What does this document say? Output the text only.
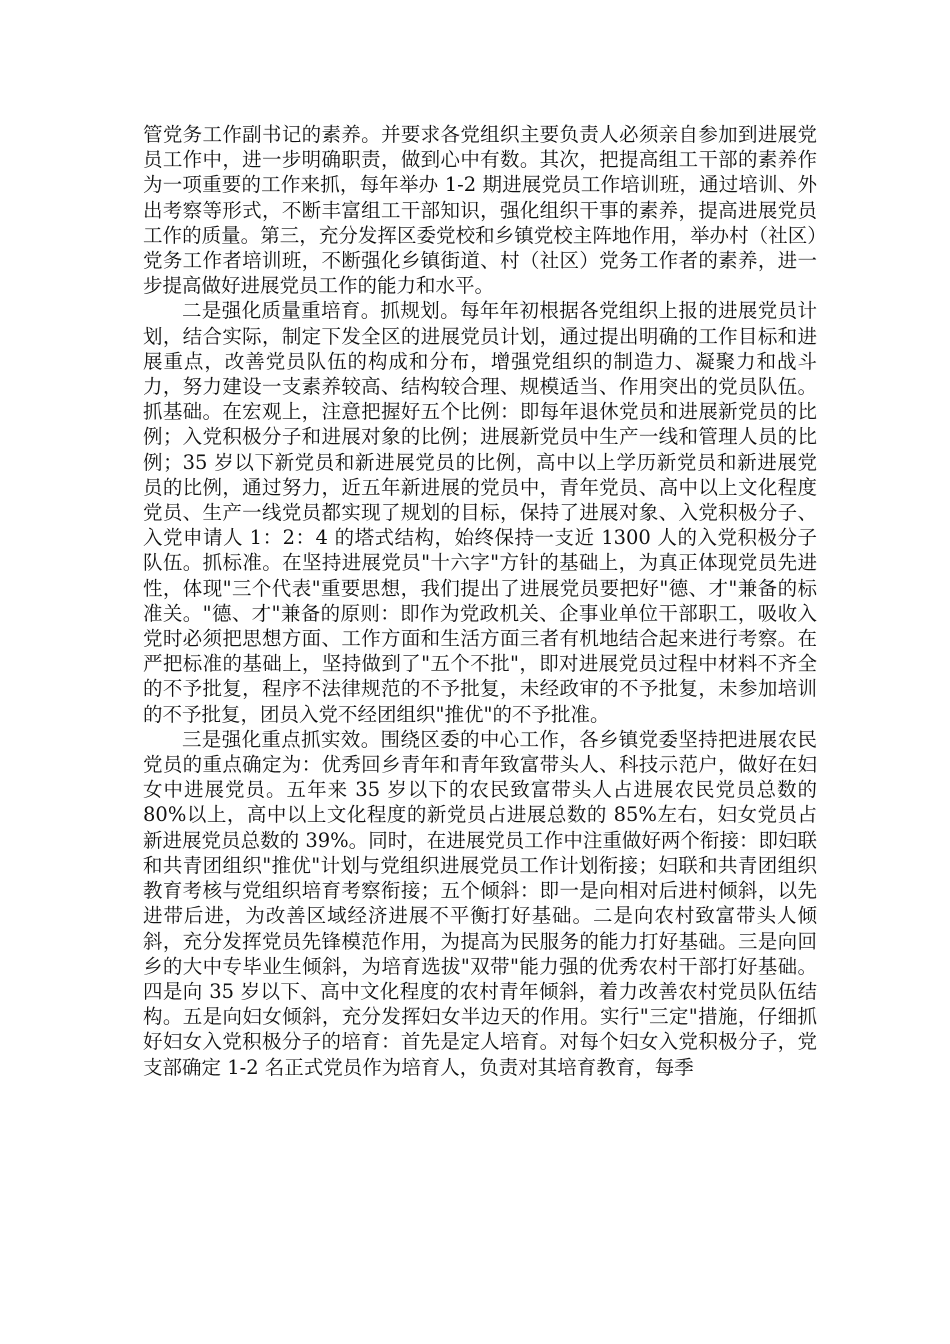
管党务工作副书记的素养。并要求各党组织主要负责人必须亲自参加到进展党员工作中，进一步明确职责，做到心中有数。其次，把提高组工干部的素养作为一项重要的工作来抓，每年举办 1-2 期进展党员工作培训班，通过培训、外出考察等形式，不断丰富组工干部知识，强化组织干事的素养，提高进展党员工作的质量。第三，充分发挥区委党校和乡镇党校主阵地作用，举办村（社区）党务工作者培训班，不断强化乡镇街道、村（社区）党务工作者的素养，进一步提高做好进展党员工作的能力和水平。

二是强化质量重培育。抓规划。每年年初根据各党组织上报的进展党员计划，结合实际，制定下发全区的进展党员计划，通过提出明确的工作目标和进展重点，改善党员队伍的构成和分布，增强党组织的制造力、凝聚力和战斗力，努力建设一支素养较高、结构较合理、规模适当、作用突出的党员队伍。抓基础。在宏观上，注意把握好五个比例：即每年退休党员和进展新党员的比例；入党积极分子和进展对象的比例；进展新党员中生产一线和管理人员的比例；35 岁以下新党员和新进展党员的比例，高中以上学历新党员和新进展党员的比例，通过努力，近五年新进展的党员中，青年党员、高中以上文化程度党员、生产一线党员都实现了规划的目标，保持了进展对象、入党积极分子、入党申请人 1：2：4 的塔式结构，始终保持一支近 1300 人的入党积极分子队伍。抓标准。在坚持进展党员"十六字"方针的基础上，为真正体现党员先进性，体现"三个代表"重要思想，我们提出了进展党员要把好"德、才"兼备的标准关。"德、才"兼备的原则：即作为党政机关、企事业单位干部职工，吸收入党时必须把思想方面、工作方面和生活方面三者有机地结合起来进行考察。在严把标准的基础上，坚持做到了"五个不批"，即对进展党员过程中材料不齐全的不予批复，程序不法律规范的不予批复，未经政审的不予批复，未参加培训的不予批复，团员入党不经团组织"推优"的不予批准。

三是强化重点抓实效。围绕区委的中心工作，各乡镇党委坚持把进展农民党员的重点确定为：优秀回乡青年和青年致富带头人、科技示范户，做好在妇女中进展党员。五年来 35 岁以下的农民致富带头人占进展农民党员总数的 80%以上，高中以上文化程度的新党员占进展总数的 85%左右，妇女党员占新进展党员总数的 39%。同时，在进展党员工作中注重做好两个衔接：即妇联和共青团组织"推优"计划与党组织进展党员工作计划衔接；妇联和共青团组织教育考核与党组织培育考察衔接；五个倾斜：即一是向相对后进村倾斜，以先进带后进，为改善区域经济进展不平衡打好基础。二是向农村致富带头人倾斜，充分发挥党员先锋模范作用，为提高为民服务的能力打好基础。三是向回乡的大中专毕业生倾斜，为培育选拔"双带"能力强的优秀农村干部打好基础。四是向 35 岁以下、高中文化程度的农村青年倾斜，着力改善农村党员队伍结构。五是向妇女倾斜，充分发挥妇女半边天的作用。实行"三定"措施，仔细抓好妇女入党积极分子的培育：首先是定人培育。对每个妇女入党积极分子，党支部确定 1-2 名正式党员作为培育人，负责对其培育教育，每季
